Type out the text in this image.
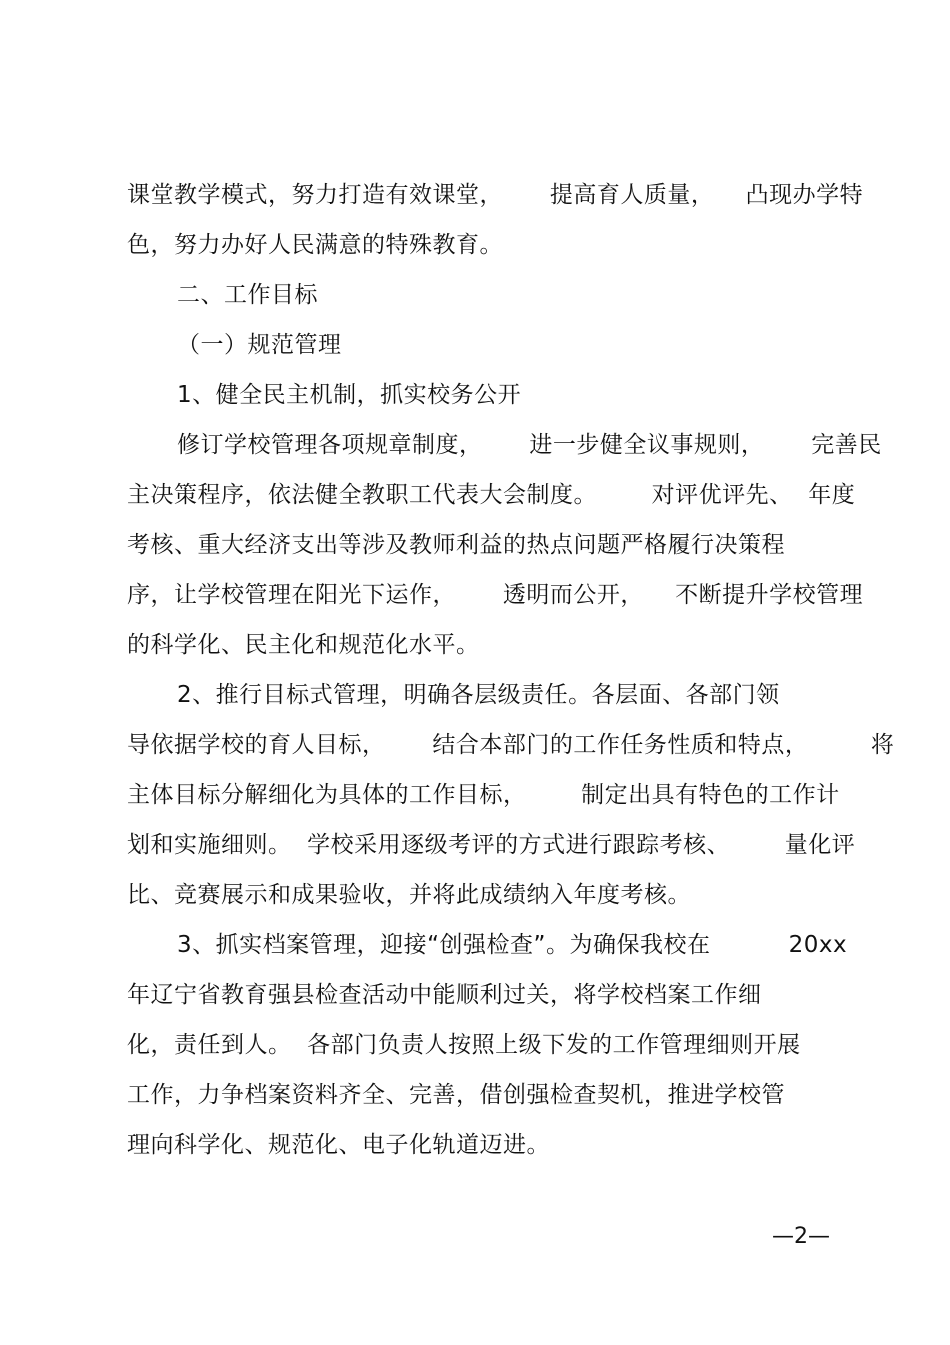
课堂教学模式，努力打造有效课堂，      提高育人质量，    凸现办学特
色，努力办好人民满意的特殊教育。
二、工作目标
（一）规范管理
1、健全民主机制，抓实校务公开
修订学校管理各项规章制度，      进一步健全议事规则，      完善民
主决策程序，依法健全教职工代表大会制度。       对评优评先、  年度
考核、重大经济支出等涉及教师利益的热点问题严格履行决策程
序，让学校管理在阳光下运作，      透明而公开，    不断提升学校管理
的科学化、民主化和规范化水平。
2、推行目标式管理，明确各层级责任。各层面、各部门领
导依据学校的育人目标，      结合本部门的工作任务性质和特点，        将
主体目标分解细化为具体的工作目标，       制定出具有特色的工作计
划和实施细则。  学校采用逐级考评的方式进行跟踪考核、       量化评
比、竞赛展示和成果验收，并将此成绩纳入年度考核。
3、抓实档案管理，迎接“创强检查”。为确保我校在          20xx
年辽宁省教育强县检查活动中能顺利过关，将学校档案工作细
化，责任到人。  各部门负责人按照上级下发的工作管理细则开展
工作，力争档案资料齐全、完善，借创强检查契机，推进学校管
理向科学化、规范化、电子化轨道迈进。
—2—
